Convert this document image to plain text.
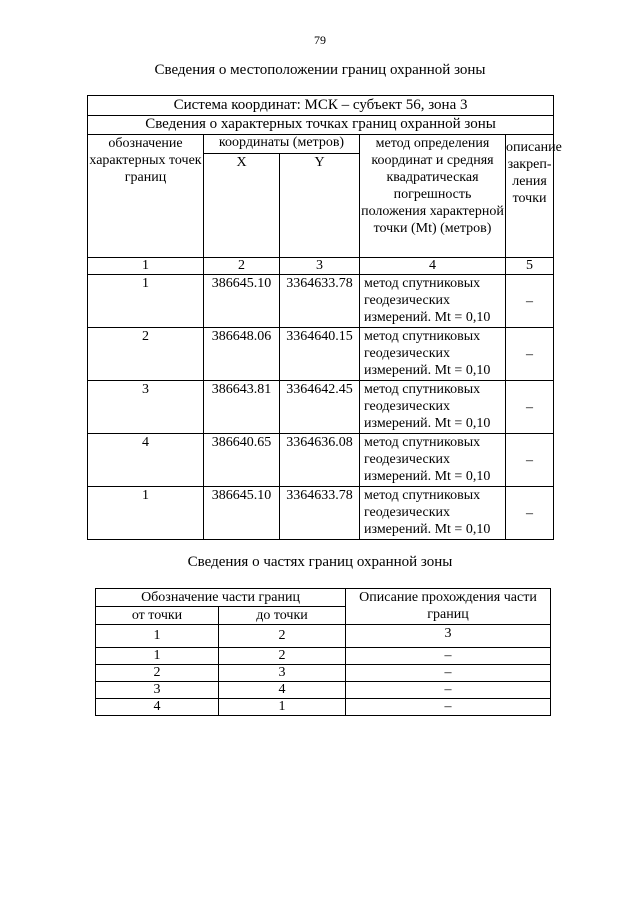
79
Сведения о местоположении границ охранной зоны
Система координат: МСК – субъект 56, зона 3				
Сведения о характерных точках границ охранной зоны				
обозначение характерных точек границ	координаты (метров)		метод определения координат и средняя квадратическая погрешность положения характерной точки (Mt) (метров)	описание закреп-ления точки
	X	Y		
1	2	3	4	5
1	386645.10	3364633.78	метод спутниковых геодезических измерений. Mt = 0,10	–
2	386648.06	3364640.15	метод спутниковых геодезических измерений. Mt = 0,10	–
3	386643.81	3364642.45	метод спутниковых геодезических измерений. Mt = 0,10	–
4	386640.65	3364636.08	метод спутниковых геодезических измерений. Mt = 0,10	–
1	386645.10	3364633.78	метод спутниковых геодезических измерений. Mt = 0,10	–
Сведения о частях границ охранной зоны
Обозначение части границ		Описание прохождения части границ
от точки	до точки	
1	2	3
1	2	–
2	3	–
3	4	–
4	1	–
